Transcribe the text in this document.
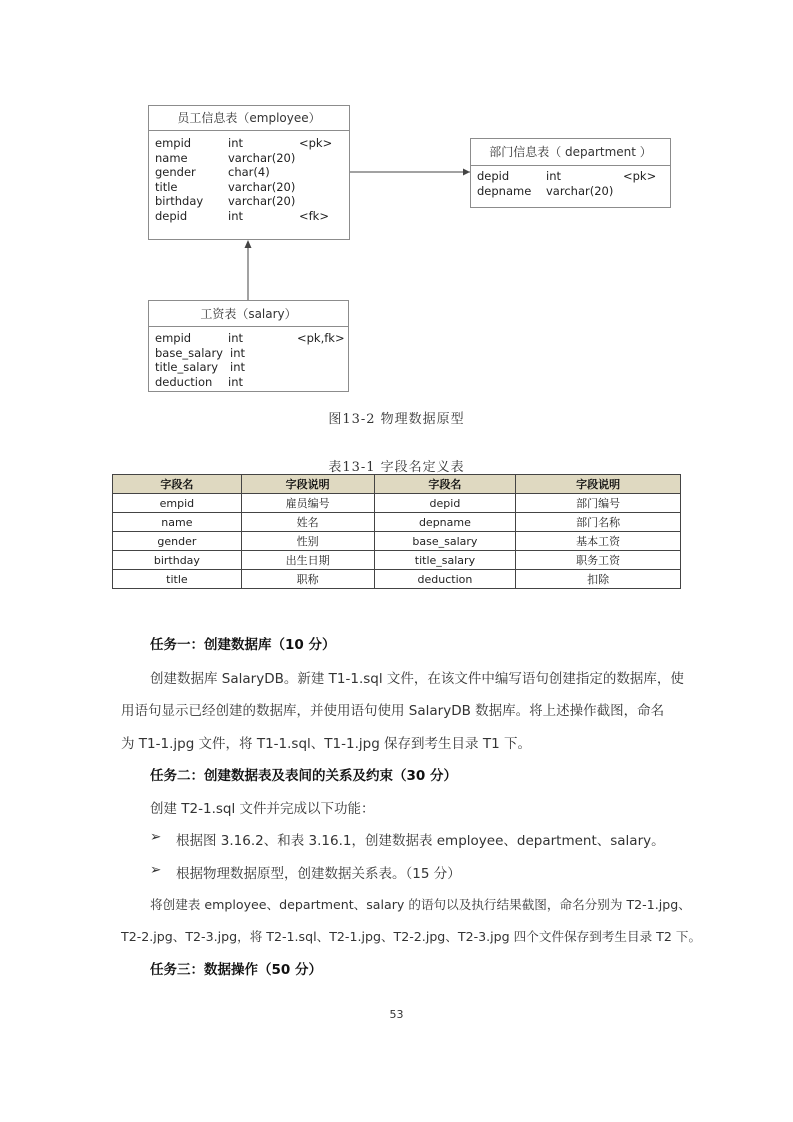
员工信息表（employee）
empid	int	<pk>
name	varchar(20)
gender	char(4)
title	varchar(20)
birthday varchar(20)
depid	int	<fk>
部门信息表（ department ）
depid	int	<pk>
depname varchar(20)
工资表（salary）
empid	int	<pk,fk>
base_salary int
title_salary int
deduction int
图13-2 物理数据原型
表13-1 字段名定义表
字段名	字段说明	字段名	字段说明
empid	雇员编号	depid	部门编号
name	姓名	depname	部门名称
gender	性别	base_salary	基本工资
birthday	出生日期	title_salary	职务工资
title	职称	deduction	扣除
任务一：创建数据库（10 分）
创建数据库 SalaryDB。新建 T1-1.sql 文件，在该文件中编写语句创建指定的数据库，使
用语句显示已经创建的数据库，并使用语句使用 SalaryDB 数据库。将上述操作截图，命名
为 T1-1.jpg 文件，将 T1-1.sql、T1-1.jpg 保存到考生目录 T1 下。
任务二：创建数据表及表间的关系及约束（30 分）
创建 T2-1.sql 文件并完成以下功能：
➢ 根据图 3.16.2、和表 3.16.1，创建数据表 employee、department、salary。
➢ 根据物理数据原型，创建数据关系表。（15 分）
将创建表 employee、department、salary 的语句以及执行结果截图，命名分别为 T2-1.jpg、
T2-2.jpg、T2-3.jpg，将 T2-1.sql、T2-1.jpg、T2-2.jpg、T2-3.jpg 四个文件保存到考生目录 T2 下。
任务三：数据操作（50 分）
53
